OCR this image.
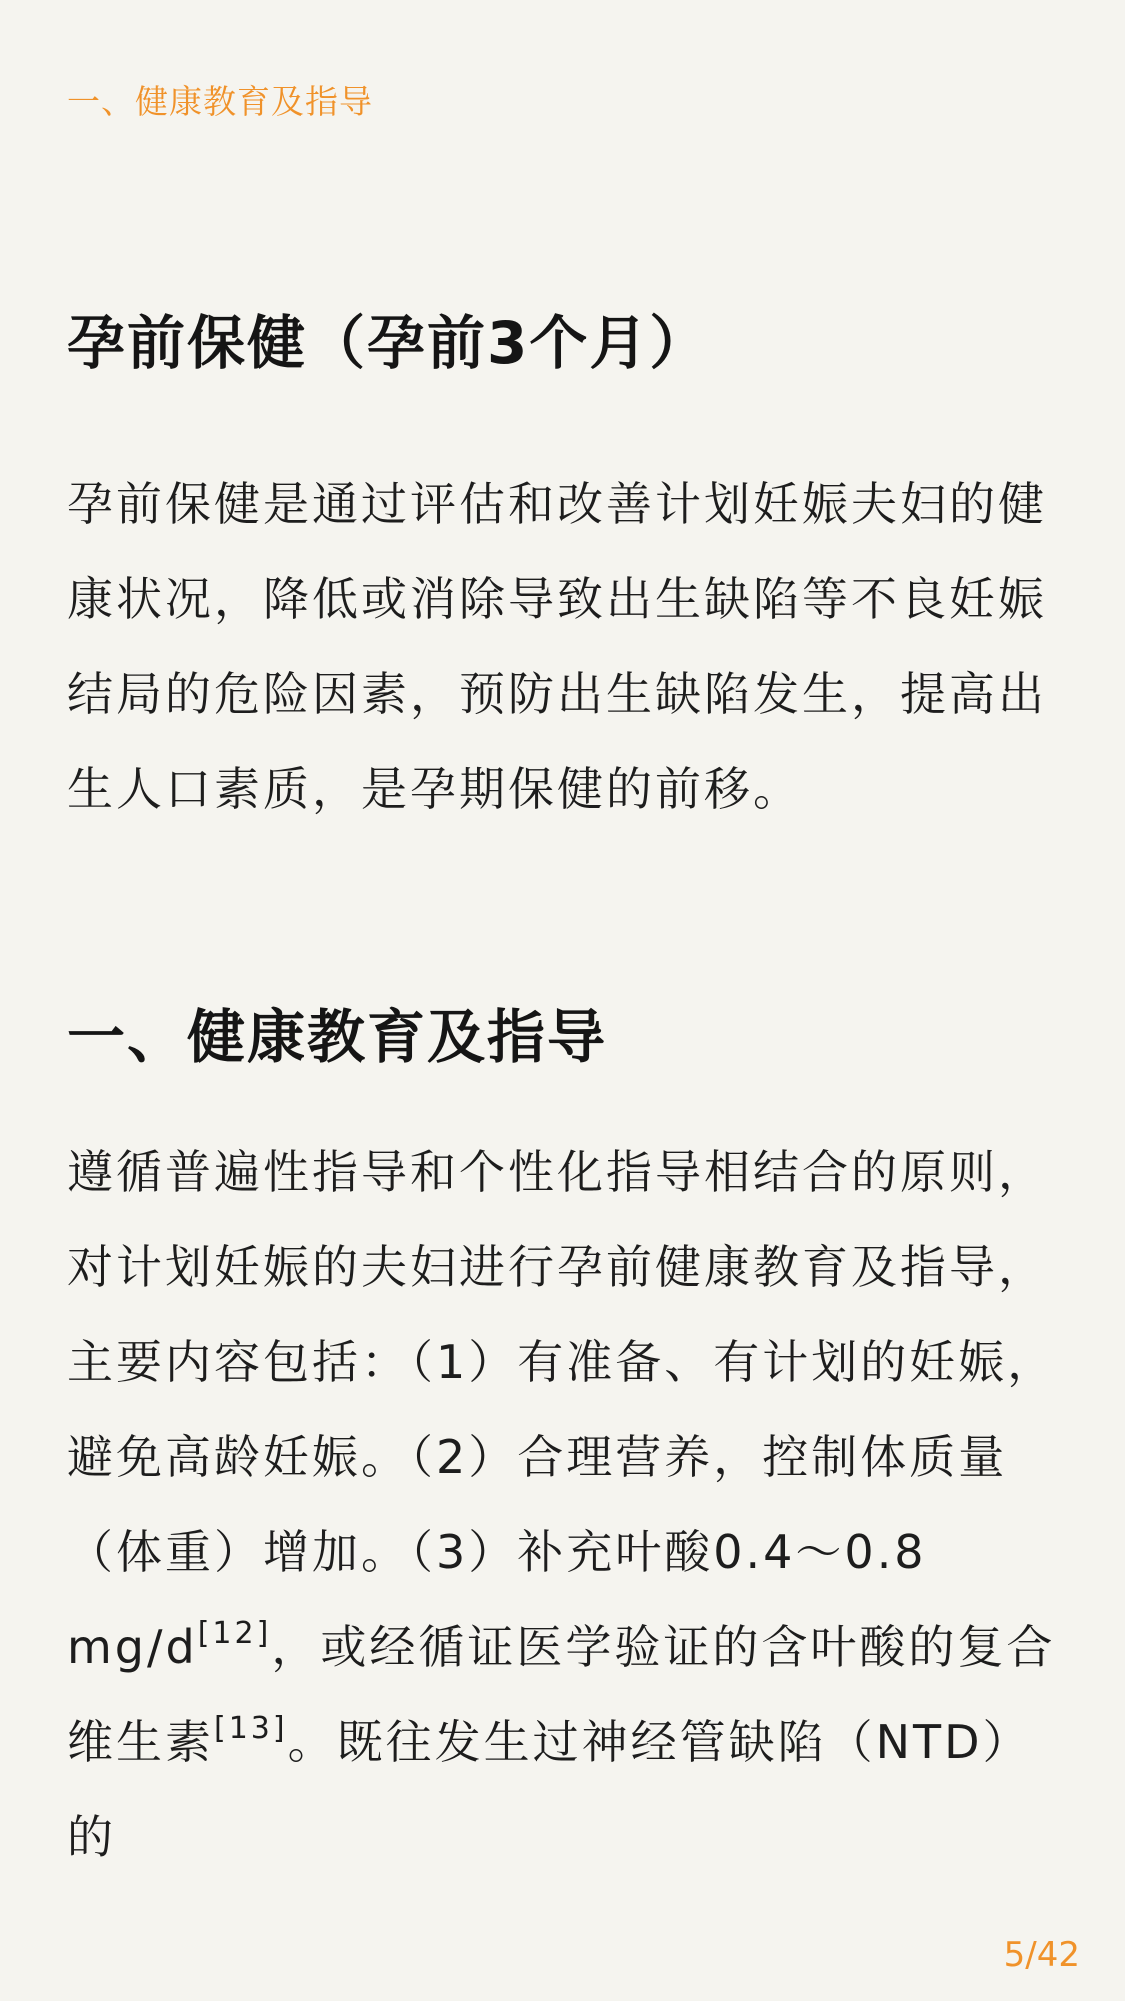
一、健康教育及指导
孕前保健（孕前3个月）

孕前保健是通过评估和改善计划妊娠夫妇的健康状况，降低或消除导致出生缺陷等不良妊娠结局的危险因素，预防出生缺陷发生，提高出生人口素质，是孕期保健的前移。

一、健康教育及指导

遵循普遍性指导和个性化指导相结合的原则，对计划妊娠的夫妇进行孕前健康教育及指导，主要内容包括：（1）有准备、有计划的妊娠，避免高龄妊娠。（2）合理营养，控制体质量（体重）增加。（3）补充叶酸0.4～0.8 mg/d[12]，或经循证医学验证的含叶酸的复合维生素[13]。既往发生过神经管缺陷（NTD）的

5/42
